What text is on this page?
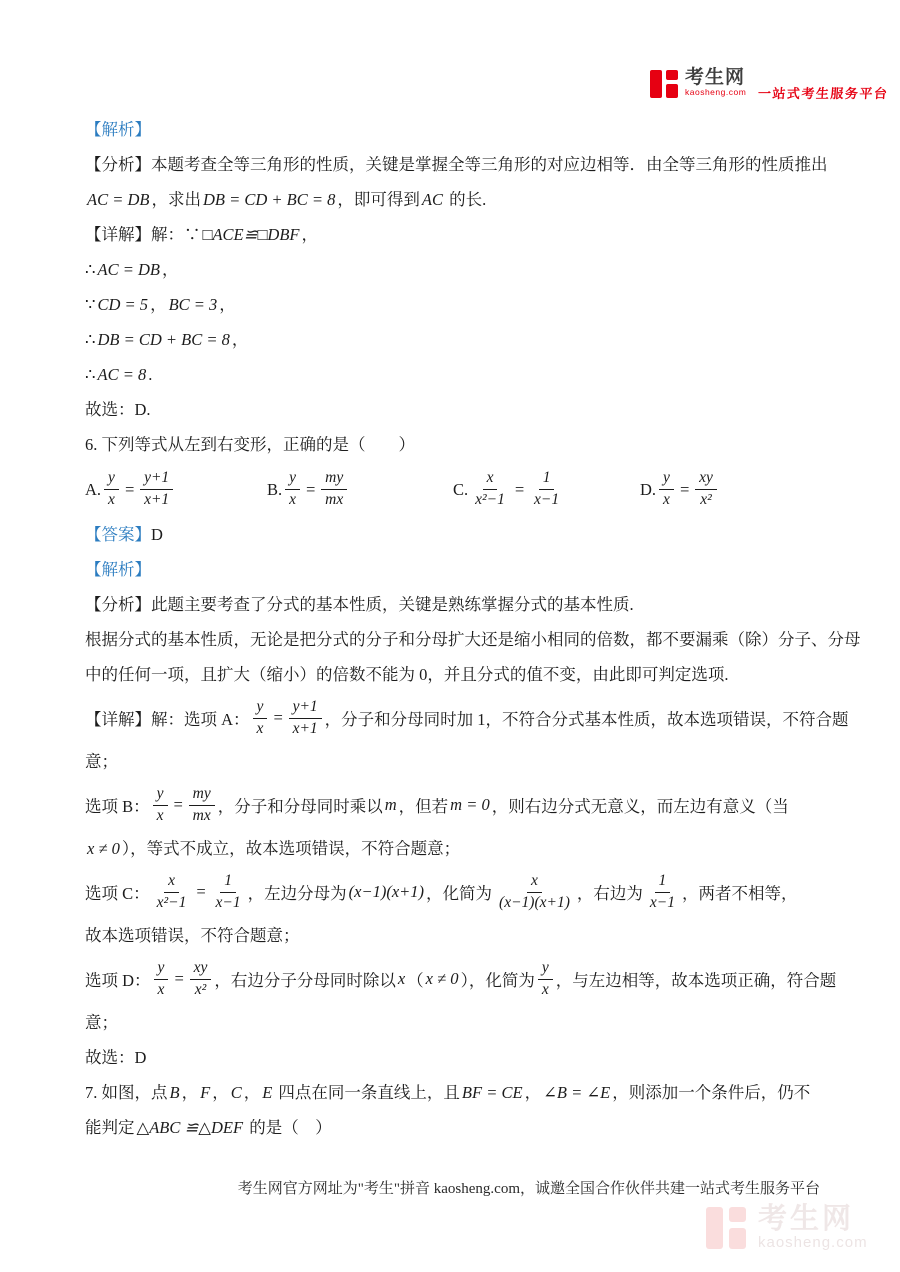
考生网
kaosheng.com 一站式考生服务平台

【解析】

【分析】本题考查全等三角形的性质，关键是掌握全等三角形的对应边相等．由全等三角形的性质推出

AC = DB ，求出 DB = CD + BC = 8 ，即可得到 AC 的长.

【详解】解：∵ □ACE≌□DBF ，

∴ AC = DB ，

∵ CD = 5 ， BC = 3 ，

∴ DB = CD + BC = 8 ，

∴ AC = 8 .

故选：D.

6. 下列等式从左到右变形，正确的是（　　）

A. $\frac{y}{x} = \frac{y+1}{x+1}$	B. $\frac{y}{x} = \frac{my}{mx}$	C. $\frac{x}{\text{x²−1}} = \frac{1}{x-1}$	D. $\frac{y}{x} = \frac{xy}{\text{x²}}$

【答案】D

【解析】

【分析】此题主要考查了分式的基本性质，关键是熟练掌握分式的基本性质.

根据分式的基本性质，无论是把分式的分子和分母扩大还是缩小相同的倍数，都不要漏乘（除）分子、分母

中的任何一项，且扩大（缩小）的倍数不能为 0，并且分式的值不变，由此即可判定选项.

【详解】解：选项 A： $\frac{y}{x} = \frac{y+1}{x+1}$ ，分子和分母同时加 1，不符合分式基本性质，故本选项错误，不符合题

意；

选项 B： $\frac{y}{x} = \frac{my}{mx}$ ，分子和分母同时乘以 m ，但若 m = 0 ，则右边分式无意义，而左边有意义（当

x ≠ 0 ），等式不成立，故本选项错误，不符合题意；

选项 C： $\frac{x}{\text{x²−1}} = \frac{1}{x-1}$ ，左边分母为 (x−1)(x+1) ，化简为 $\frac{x}{(x-1)(x+1)}$ ，右边为 $\frac{1}{x-1}$ ，两者不相等，

故本选项错误，不符合题意；

选项 D： $\frac{y}{x} = \frac{xy}{\text{x²}}$ ，右边分子分母同时除以 x （ x ≠ 0 ），化简为 $\frac{y}{x}$ ，与左边相等，故本选项正确，符合题

意；

故选：D

7. 如图，点 B ， F ， C ， E 四点在同一条直线上，且 BF = CE ， ∠B = ∠E ，则添加一个条件后，仍不

能判定 △ABC ≌△DEF 的是（　）

考生网官方网址为"考生"拼音 kaosheng.com，诚邀全国合作伙伴共建一站式考生服务平台
考生网
kaosheng.com
